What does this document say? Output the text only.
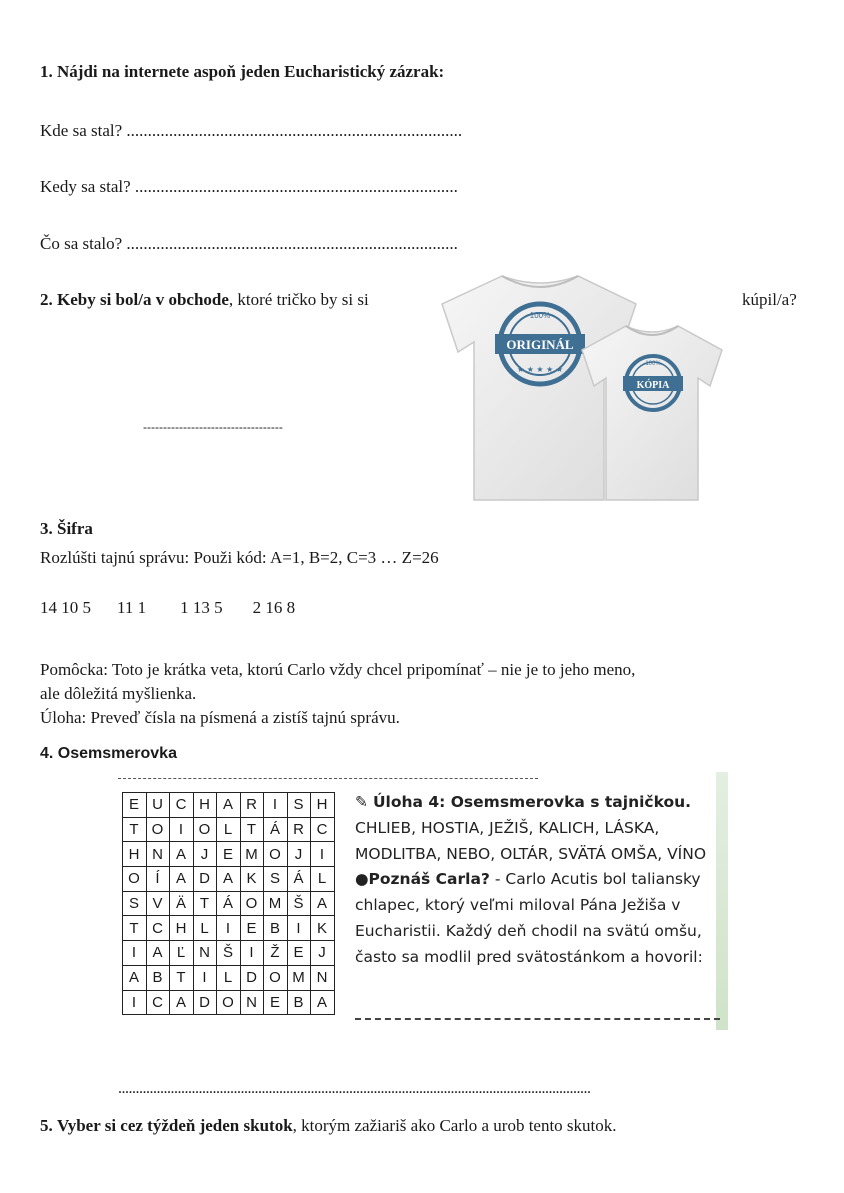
1. Nájdi na internete aspoň jeden Eucharistický zázrak:
Kde sa stal? ...............................................................................
Kedy sa stal? ............................................................................
Čo sa stalo? ..............................................................................
2. Keby si bol/a v obchode, ktoré tričko by si si	kúpil/a?
-----------------------------------
ORIGINÁL
100%
★ ★ ★ ★ ★
KÓPIA
100%
3. Šifra
Rozlúšti tajnú správu: Použi kód: A=1, B=2, C=3 … Z=26
14 10 5 11 1 1 13 5 2 16 8
Pomôcka: Toto je krátka veta, ktorú Carlo vždy chcel pripomínať – nie je to jeho meno,
ale dôležitá myšlienka.
Úloha: Preveď čísla na písmená a zistíš tajnú správu.
4. Osemsmerovka
E	U	C	H	A	R	I	S	H
T	O	I	O	L	T	Á	R	C
H	N	A	J	E	M	O	J	I
O	Í	A	D	A	K	S	Á	L
S	V	Ä	T	Á	O	M	Š	A
T	C	H	L	I	E	B	I	K
I	A	Ľ	N	Š	I	Ž	E	J
A	B	T	I	L	D	O	M	N
I	C	A	D	O	N	E	B	A
✎ Úloha 4: Osemsmerovka s tajničkou.
CHLIEB, HOSTIA, JEŽIŠ, KALICH, LÁSKA, MODLITBA, NEBO, OLTÁR, SVÄTÁ OMŠA, VÍNO
●Poznáš Carla? - Carlo Acutis bol taliansky chlapec, ktorý veľmi miloval Pána Ježiša v Eucharistii. Každý deň chodil na svätú omšu, často sa modlil pred svätostánkom a hovoril:
.......................................................................................................................................
5. Vyber si cez týždeň jeden skutok, ktorým zažiariš ako Carlo a urob tento skutok.
